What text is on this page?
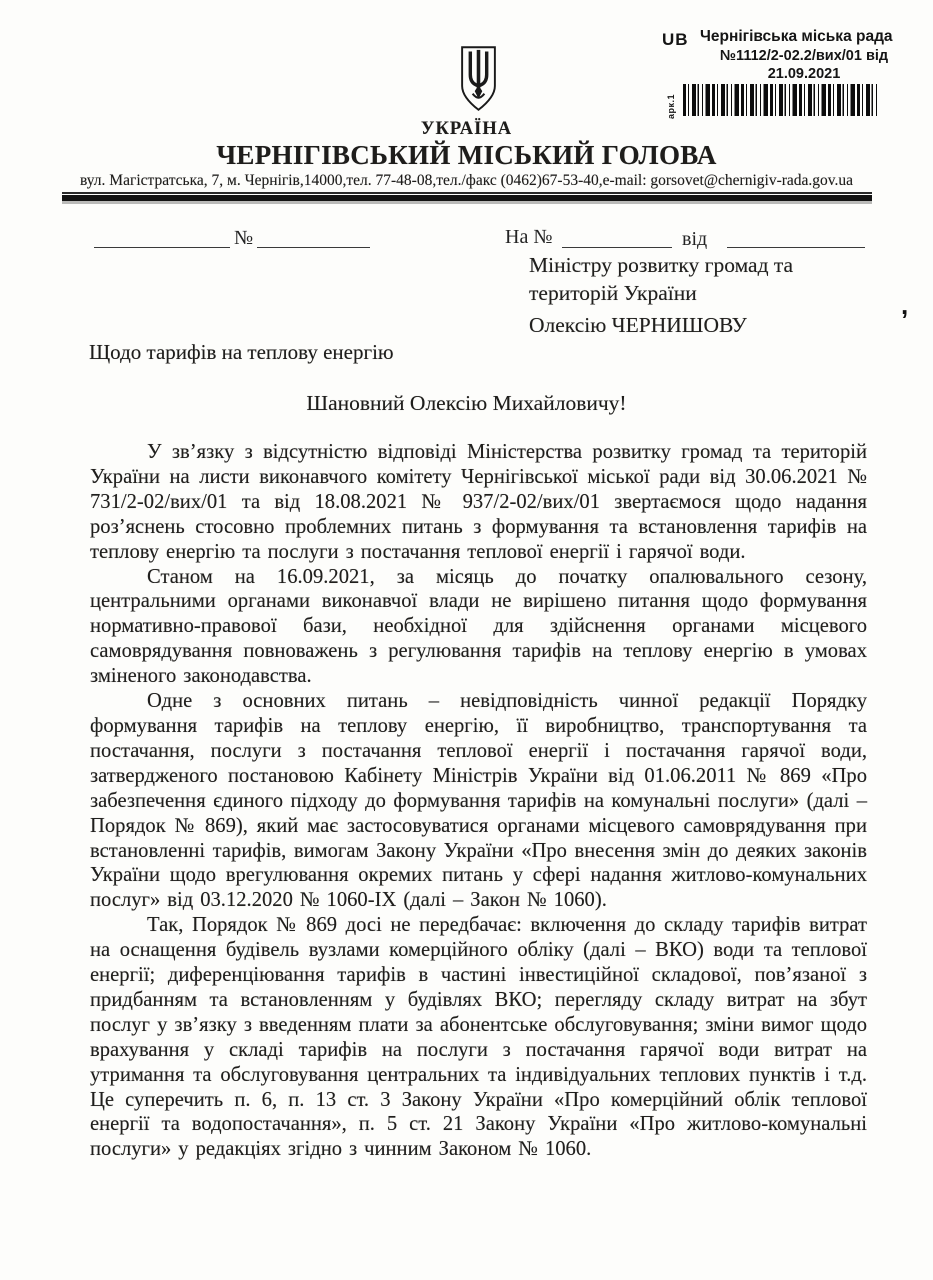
UB Чернігівська міська рада
№1112/2-02.2/вих/01 від
21.09.2021
арк.1
УКРАЇНА
ЧЕРНІГІВСЬКИЙ МІСЬКИЙ ГОЛОВА
вул. Магістратська, 7, м. Чернігів,14000,тел. 77-48-08,тел./факс (0462)67-53-40,e-mail: gorsovet@chernigiv-rada.gov.ua
№	На №	від
Міністру розвитку громад та
територій України
Олексію ЧЕРНИШОВУ
Щодо тарифів на теплову енергію
Шановний Олексію Михайловичу!

У зв’язку з відсутністю відповіді Міністерства розвитку громад та територій України на листи виконавчого комітету Чернігівської міської ради від 30.06.2021 № 731/2-02/вих/01 та від 18.08.2021 № 937/2-02/вих/01 звертаємося щодо надання роз’яснень стосовно проблемних питань з формування та встановлення тарифів на теплову енергію та послуги з постачання теплової енергії і гарячої води.

Станом на 16.09.2021, за місяць до початку опалювального сезону, центральними органами виконавчої влади не вирішено питання щодо формування нормативно-правової бази, необхідної для здійснення органами місцевого самоврядування повноважень з регулювання тарифів на теплову енергію в умовах зміненого законодавства.

Одне з основних питань – невідповідність чинної редакції Порядку формування тарифів на теплову енергію, її виробництво, транспортування та постачання, послуги з постачання теплової енергії і постачання гарячої води, затвердженого постановою Кабінету Міністрів України від 01.06.2011 № 869 «Про забезпечення єдиного підходу до формування тарифів на комунальні послуги» (далі – Порядок № 869), який має застосовуватися органами місцевого самоврядування при встановленні тарифів, вимогам Закону України «Про внесення змін до деяких законів України щодо врегулювання окремих питань у сфері надання житлово-комунальних послуг» від 03.12.2020 № 1060-IX (далі – Закон № 1060).

Так, Порядок № 869 досі не передбачає: включення до складу тарифів витрат на оснащення будівель вузлами комерційного обліку (далі – ВКО) води та теплової енергії; диференціювання тарифів в частині інвестиційної складової, пов’язаної з придбанням та встановленням у будівлях ВКО; перегляду складу витрат на збут послуг у зв’язку з введенням плати за абонентське обслуговування; зміни вимог щодо врахування у складі тарифів на послуги з постачання гарячої води витрат на утримання та обслуговування центральних та індивідуальних теплових пунктів і т.д. Це суперечить п. 6, п. 13 ст. 3 Закону України «Про комерційний облік теплової енергії та водопостачання», п. 5 ст. 21 Закону України «Про житлово-комунальні послуги» у редакціях згідно з чинним Законом № 1060.

,
